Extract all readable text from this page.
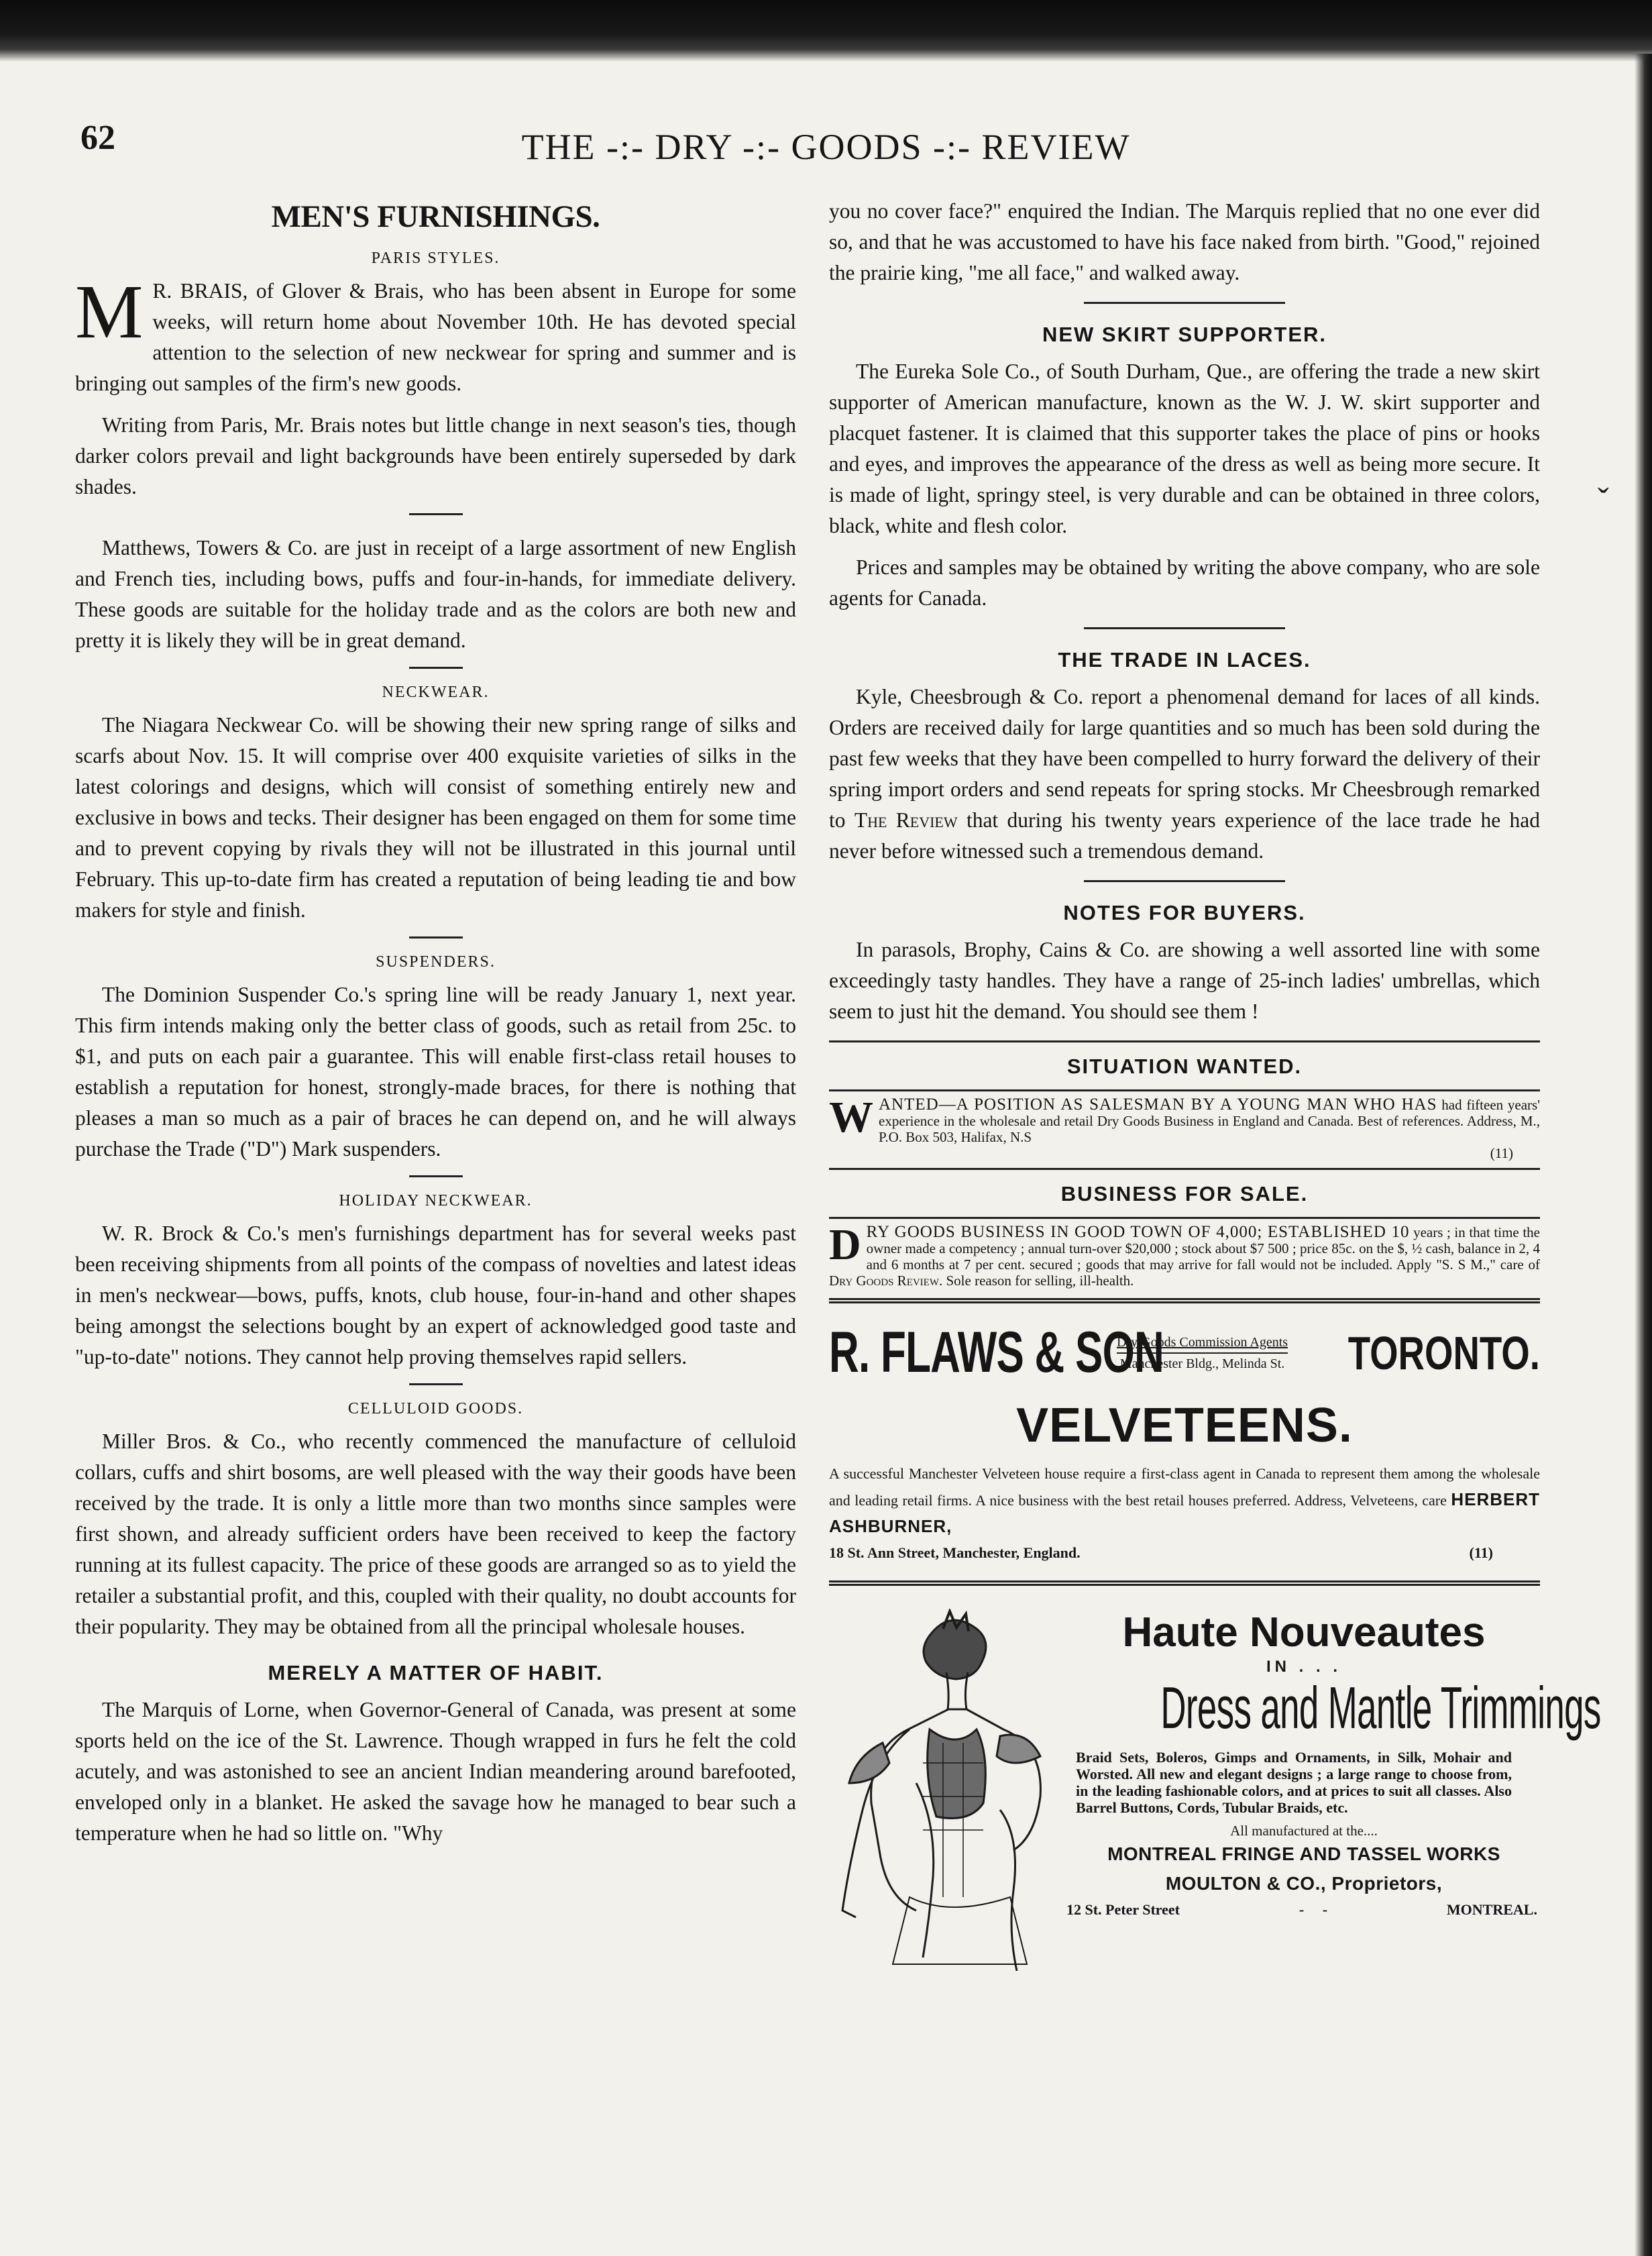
ˇ
62	THE -:- DRY -:- GOODS -:- REVIEW
MEN'S FURNISHINGS.
PARIS STYLES.

M R. BRAIS, of Glover & Brais, who has been absent in Europe for some weeks, will return home about November 10th. He has devoted special attention to the selection of new neckwear for spring and summer and is bringing out samples of the firm's new goods.

Writing from Paris, Mr. Brais notes but little change in next season's ties, though darker colors prevail and light backgrounds have been entirely superseded by dark shades.

Matthews, Towers & Co. are just in receipt of a large assortment of new English and French ties, including bows, puffs and four-in-hands, for immediate delivery. These goods are suitable for the holiday trade and as the colors are both new and pretty it is likely they will be in great demand.

NECKWEAR.

The Niagara Neckwear Co. will be showing their new spring range of silks and scarfs about Nov. 15. It will comprise over 400 exquisite varieties of silks in the latest colorings and designs, which will consist of something entirely new and exclusive in bows and tecks. Their designer has been engaged on them for some time and to prevent copying by rivals they will not be illustrated in this journal until February. This up-to-date firm has created a reputation of being leading tie and bow makers for style and finish.

SUSPENDERS.

The Dominion Suspender Co.'s spring line will be ready January 1, next year. This firm intends making only the better class of goods, such as retail from 25c. to $1, and puts on each pair a guarantee. This will enable first-class retail houses to establish a reputation for honest, strongly-made braces, for there is nothing that pleases a man so much as a pair of braces he can depend on, and he will always purchase the Trade ("D") Mark suspenders.

HOLIDAY NECKWEAR.

W. R. Brock & Co.'s men's furnishings department has for several weeks past been receiving shipments from all points of the compass of novelties and latest ideas in men's neckwear—bows, puffs, knots, club house, four-in-hand and other shapes being amongst the selections bought by an expert of acknowledged good taste and "up-to-date" notions. They cannot help proving themselves rapid sellers.

CELLULOID GOODS.

Miller Bros. & Co., who recently commenced the manufacture of celluloid collars, cuffs and shirt bosoms, are well pleased with the way their goods have been received by the trade. It is only a little more than two months since samples were first shown, and already sufficient orders have been received to keep the factory running at its fullest capacity. The price of these goods are arranged so as to yield the retailer a substantial profit, and this, coupled with their quality, no doubt accounts for their popularity. They may be obtained from all the principal wholesale houses.

MERELY A MATTER OF HABIT.

The Marquis of Lorne, when Governor-General of Canada, was present at some sports held on the ice of the St. Lawrence. Though wrapped in furs he felt the cold acutely, and was astonished to see an ancient Indian meandering around barefooted, enveloped only in a blanket. He asked the savage how he managed to bear such a temperature when he had so little on. "Why

you no cover face?" enquired the Indian. The Marquis replied that no one ever did so, and that he was accustomed to have his face naked from birth. "Good," rejoined the prairie king, "me all face," and walked away.

NEW SKIRT SUPPORTER.

The Eureka Sole Co., of South Durham, Que., are offering the trade a new skirt supporter of American manufacture, known as the W. J. W. skirt supporter and placquet fastener. It is claimed that this supporter takes the place of pins or hooks and eyes, and improves the appearance of the dress as well as being more secure. It is made of light, springy steel, is very durable and can be obtained in three colors, black, white and flesh color.

Prices and samples may be obtained by writing the above company, who are sole agents for Canada.

THE TRADE IN LACES.

Kyle, Cheesbrough & Co. report a phenomenal demand for laces of all kinds. Orders are received daily for large quantities and so much has been sold during the past few weeks that they have been compelled to hurry forward the delivery of their spring import orders and send repeats for spring stocks. Mr Cheesbrough remarked to The Review that during his twenty years experience of the lace trade he had never before witnessed such a tremendous demand.

NOTES FOR BUYERS.

In parasols, Brophy, Cains & Co. are showing a well assorted line with some exceedingly tasty handles. They have a range of 25-inch ladies' umbrellas, which seem to just hit the demand. You should see them !

SITUATION WANTED.
WANTED—A POSITION AS SALESMAN BY A YOUNG MAN WHO HAS had fifteen years' experience in the wholesale and retail Dry Goods Business in England and Canada. Best of references. Address, M., P.O. Box 503, Halifax, N.S
(11)
BUSINESS FOR SALE.
DRY GOODS BUSINESS IN GOOD TOWN OF 4,000; ESTABLISHED 10 years ; in that time the owner made a competency ; annual turn-over $20,000 ; stock about $7 500 ; price 85c. on the $, ½ cash, balance in 2, 4 and 6 months at 7 per cent. secured ; goods that may arrive for fall would not be included. Apply "S. S M.," care of Dry Goods Review. Sole reason for selling, ill-health.
R. FLAWS & SON
Dry Goods Commission Agents
Manchester Bldg., Melinda St. TORONTO.
VELVETEENS.
A successful Manchester Velveteen house require a first-class agent in Canada to represent them among the wholesale and leading retail firms. A nice business with the best retail houses preferred. Address, Velveteens, care HERBERT ASHBURNER,
18 St. Ann Street, Manchester, England.	(11)
Haute Nouveautes
IN . . .
Dress and Mantle Trimmings
Braid Sets, Boleros, Gimps and Ornaments, in Silk, Mohair and Worsted. All new and elegant designs ; a large range to choose from, in the leading fashionable colors, and at prices to suit all classes. Also Barrel Buttons, Cords, Tubular Braids, etc.
All manufactured at the....
MONTREAL FRINGE AND TASSEL WORKS
MOULTON & CO., Proprietors,
12 St. Peter Street	-     -	MONTREAL.
